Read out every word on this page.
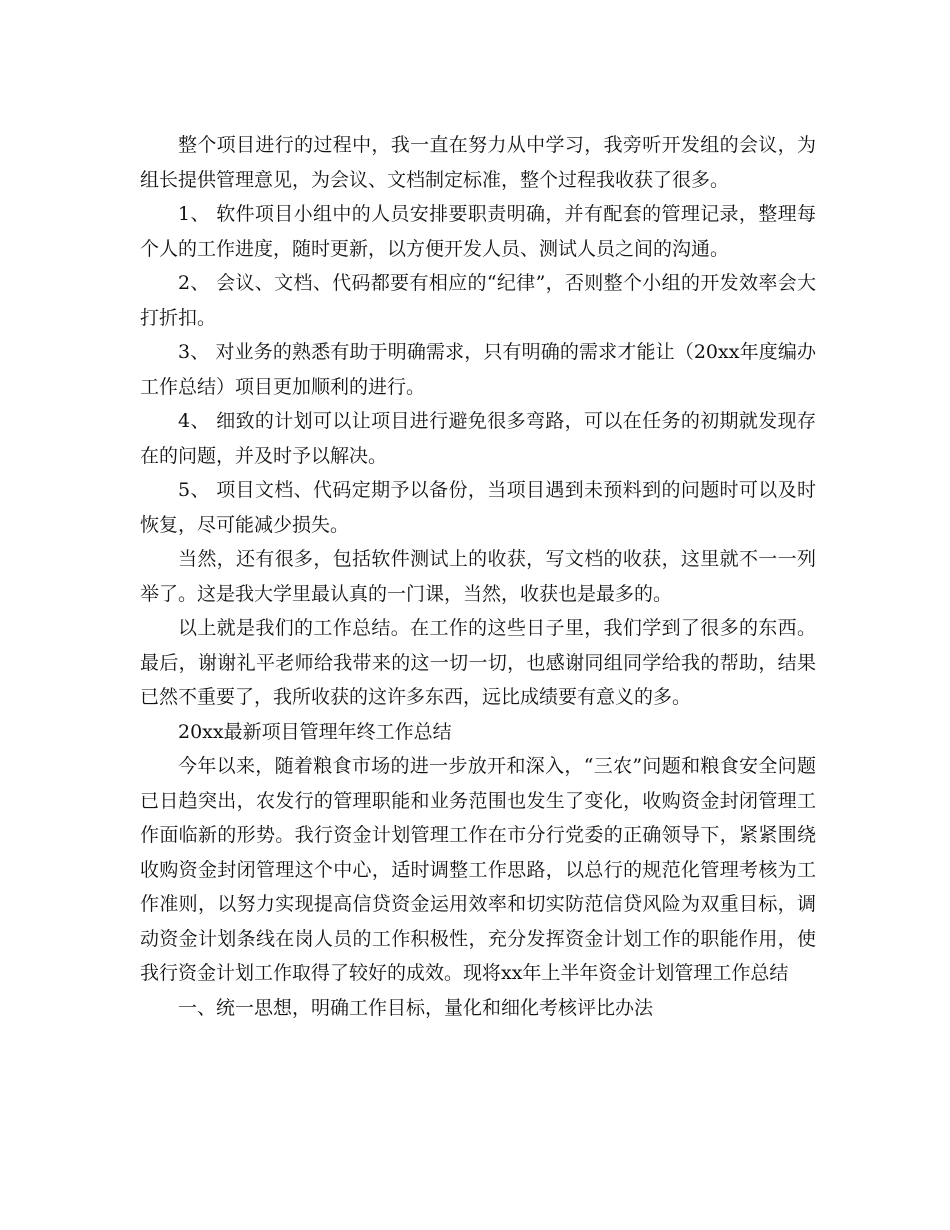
整个项目进行的过程中，我一直在努力从中学习，我旁听开发组的会议，为组长提供管理意见，为会议、文档制定标准，整个过程我收获了很多。

1、 软件项目小组中的人员安排要职责明确，并有配套的管理记录，整理每个人的工作进度，随时更新，以方便开发人员、测试人员之间的沟通。

2、 会议、文档、代码都要有相应的“纪律”，否则整个小组的开发效率会大打折扣。

3、 对业务的熟悉有助于明确需求，只有明确的需求才能让（20xx年度编办工作总结）项目更加顺利的进行。

4、 细致的计划可以让项目进行避免很多弯路，可以在任务的初期就发现存在的问题，并及时予以解决。

5、 项目文档、代码定期予以备份，当项目遇到未预料到的问题时可以及时恢复，尽可能减少损失。

当然，还有很多，包括软件测试上的收获，写文档的收获，这里就不一一列举了。这是我大学里最认真的一门课，当然，收获也是最多的。

以上就是我们的工作总结。在工作的这些日子里，我们学到了很多的东西。最后，谢谢礼平老师给我带来的这一切一切，也感谢同组同学给我的帮助，结果已然不重要了，我所收获的这许多东西，远比成绩要有意义的多。

20xx最新项目管理年终工作总结

今年以来，随着粮食市场的进一步放开和深入，“三农”问题和粮食安全问题已日趋突出，农发行的管理职能和业务范围也发生了变化，收购资金封闭管理工作面临新的形势。我行资金计划管理工作在市分行党委的正确领导下，紧紧围绕收购资金封闭管理这个中心，适时调整工作思路，以总行的规范化管理考核为工作准则，以努力实现提高信贷资金运用效率和切实防范信贷风险为双重目标，调动资金计划条线在岗人员的工作积极性，充分发挥资金计划工作的职能作用，使我行资金计划工作取得了较好的成效。现将xx年上半年资金计划管理工作总结

一、统一思想，明确工作目标，量化和细化考核评比办法
